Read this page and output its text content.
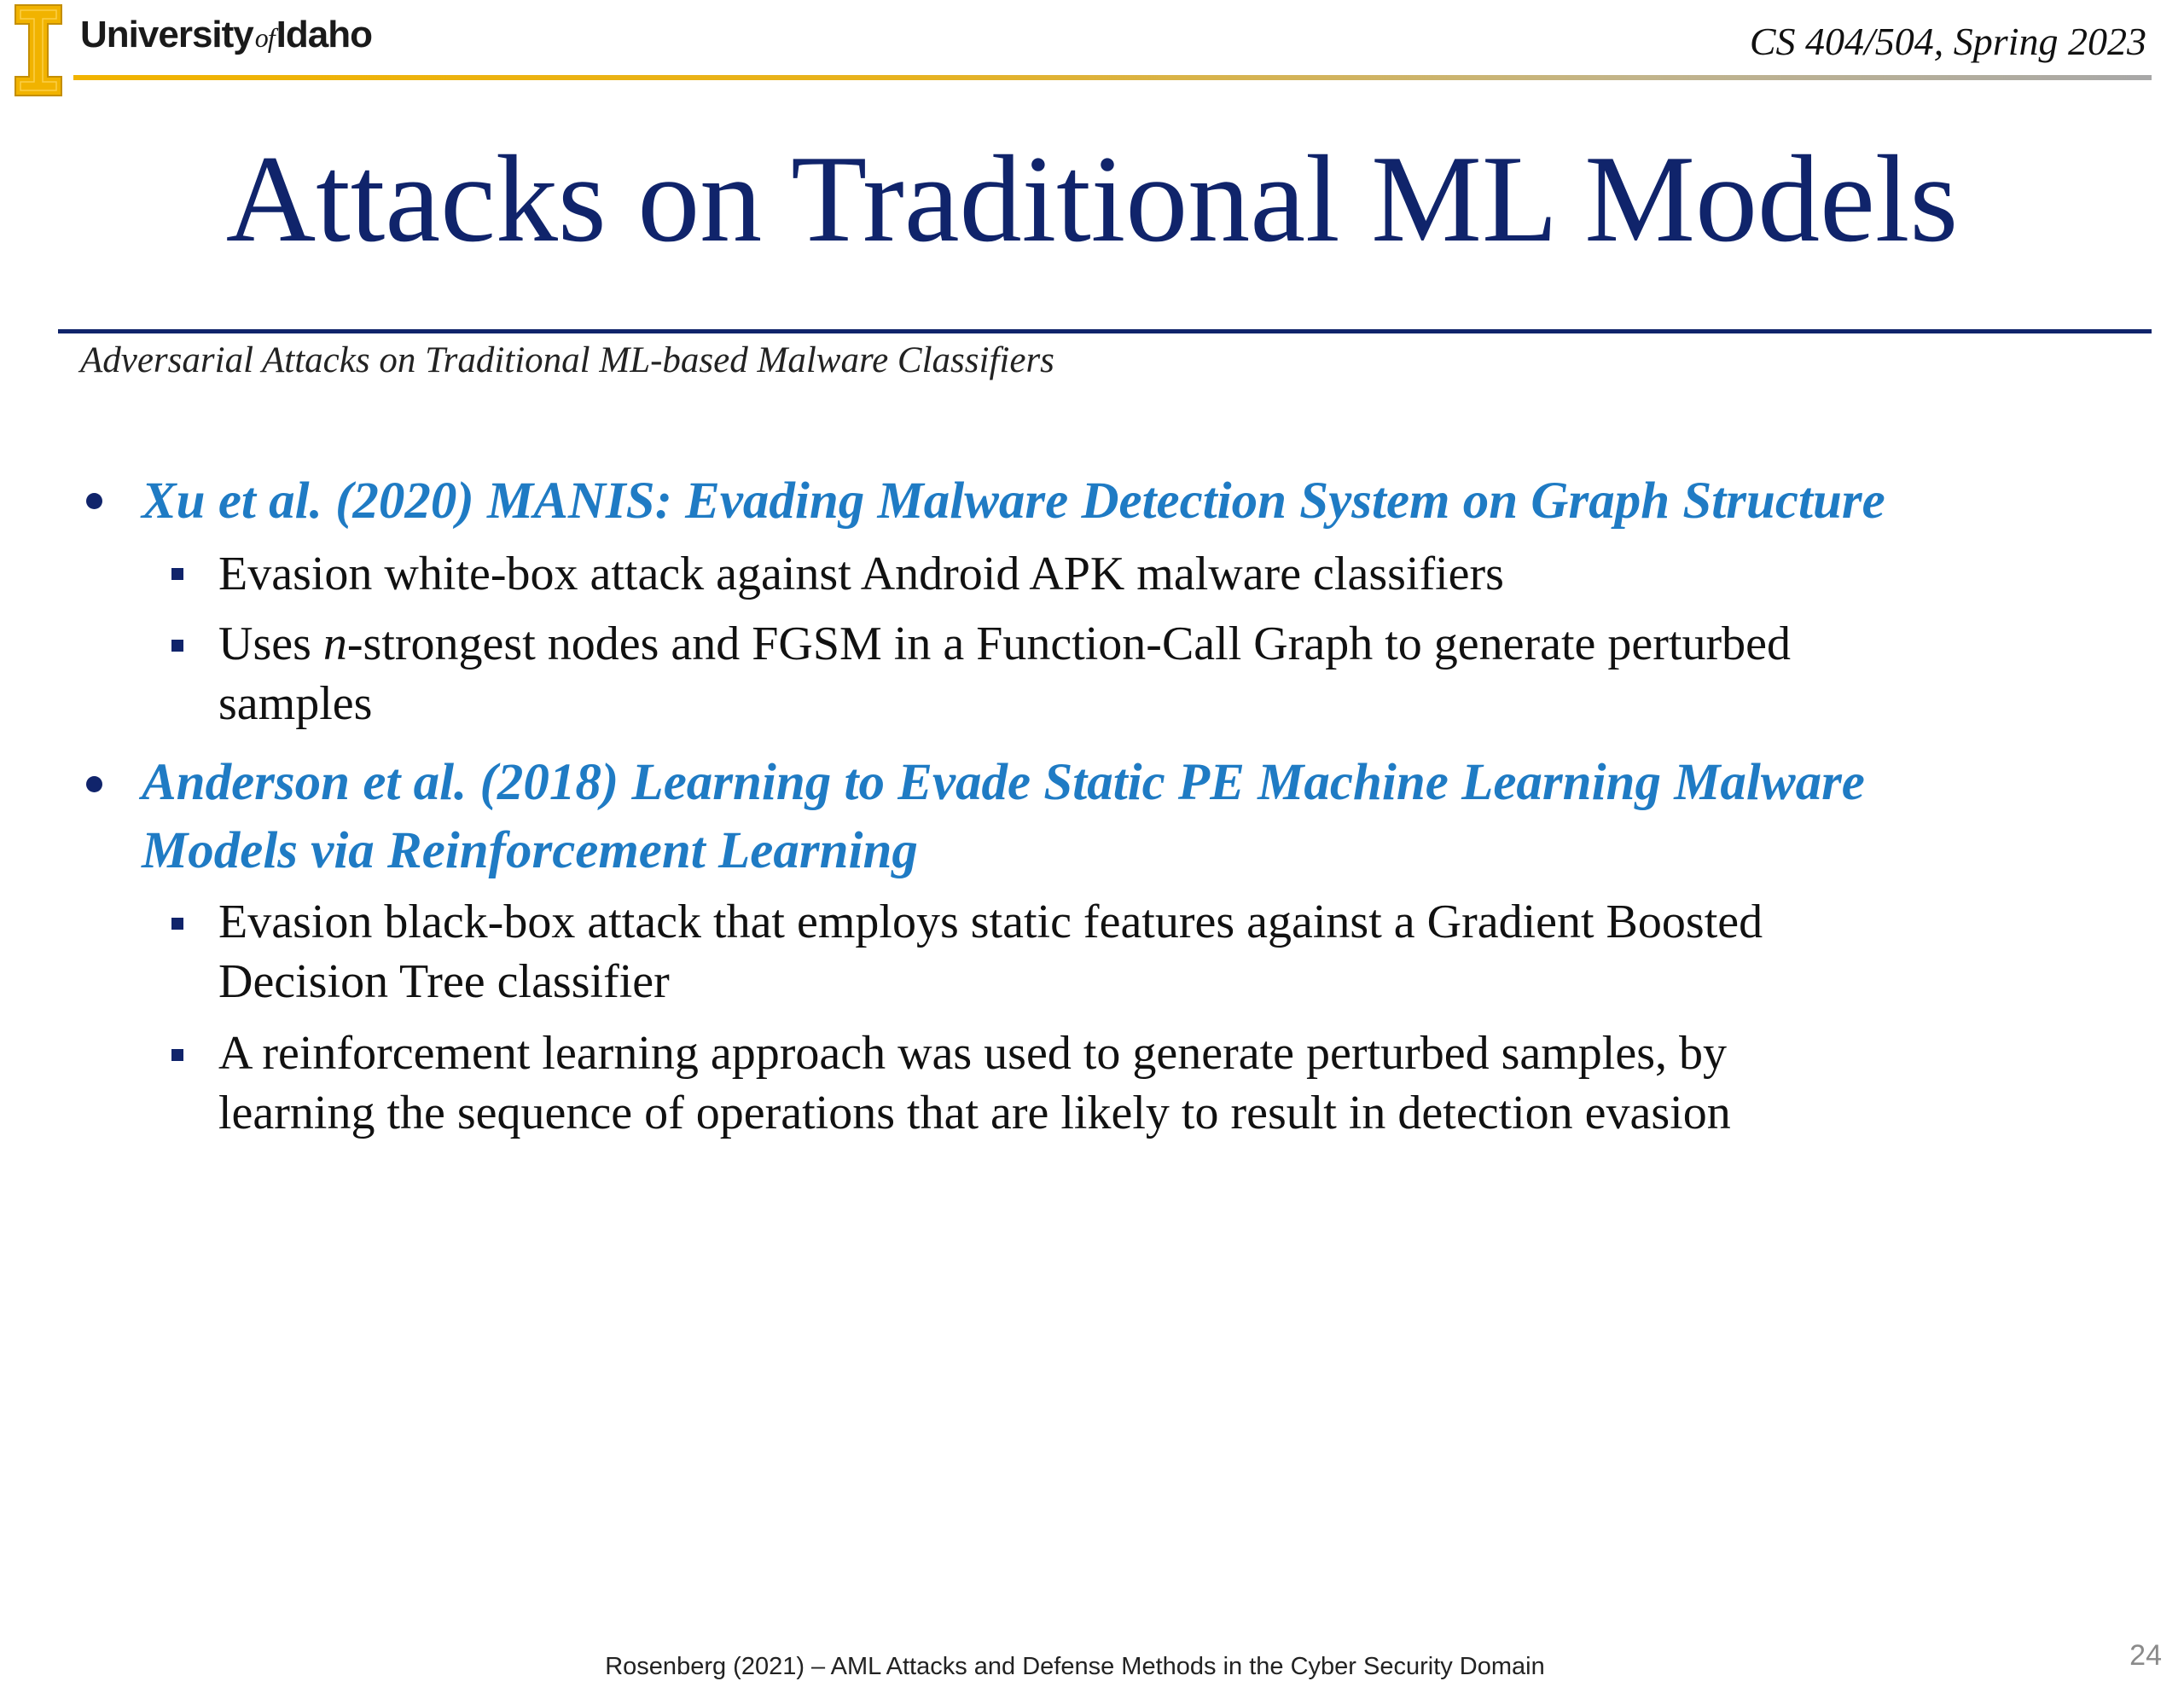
UniversityofIdaho	CS 404/504, Spring 2023
Attacks on Traditional ML Models
Adversarial Attacks on Traditional ML-based Malware Classifiers
Xu et al. (2020) MANIS: Evading Malware Detection System on Graph Structure
Evasion white-box attack against Android APK malware classifiers
Uses n-strongest nodes and FGSM in a Function-Call Graph to generate perturbed
samples
Anderson et al. (2018) Learning to Evade Static PE Machine Learning Malware
Models via Reinforcement Learning
Evasion black-box attack that employs static features against a Gradient Boosted
Decision Tree classifier
A reinforcement learning approach was used to generate perturbed samples, by
learning the sequence of operations that are likely to result in detection evasion
Rosenberg (2021) – AML Attacks and Defense Methods in the Cyber Security Domain	24
